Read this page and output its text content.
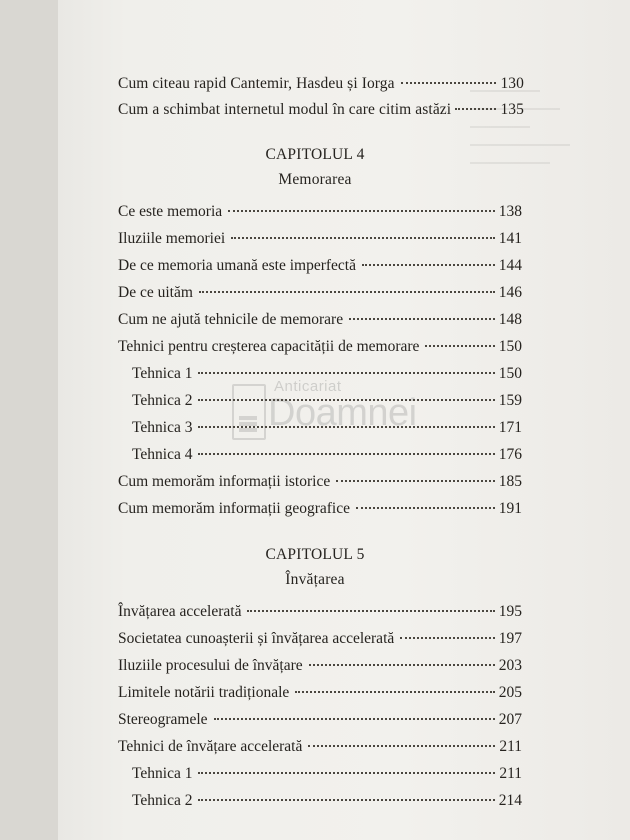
Anticariat
Doamnei
Cum citeau rapid Cantemir, Hasdeu și Iorga	130
Cum a schimbat internetul modul în care citim astăzi	135
CAPITOLUL 4
Memorarea
Ce este memoria	138
Iluziile memoriei	141
De ce memoria umană este imperfectă	144
De ce uităm	146
Cum ne ajută tehnicile de memorare	148
Tehnici pentru creșterea capacității de memorare	150
Tehnica 1	150
Tehnica 2	159
Tehnica 3	171
Tehnica 4	176
Cum memorăm informații istorice	185
Cum memorăm informații geografice	191
CAPITOLUL 5
Învățarea
Învățarea accelerată	195
Societatea cunoașterii și învățarea accelerată	197
Iluziile procesului de învățare	203
Limitele notării tradiționale	205
Stereogramele	207
Tehnici de învățare accelerată	211
Tehnica 1	211
Tehnica 2	214
